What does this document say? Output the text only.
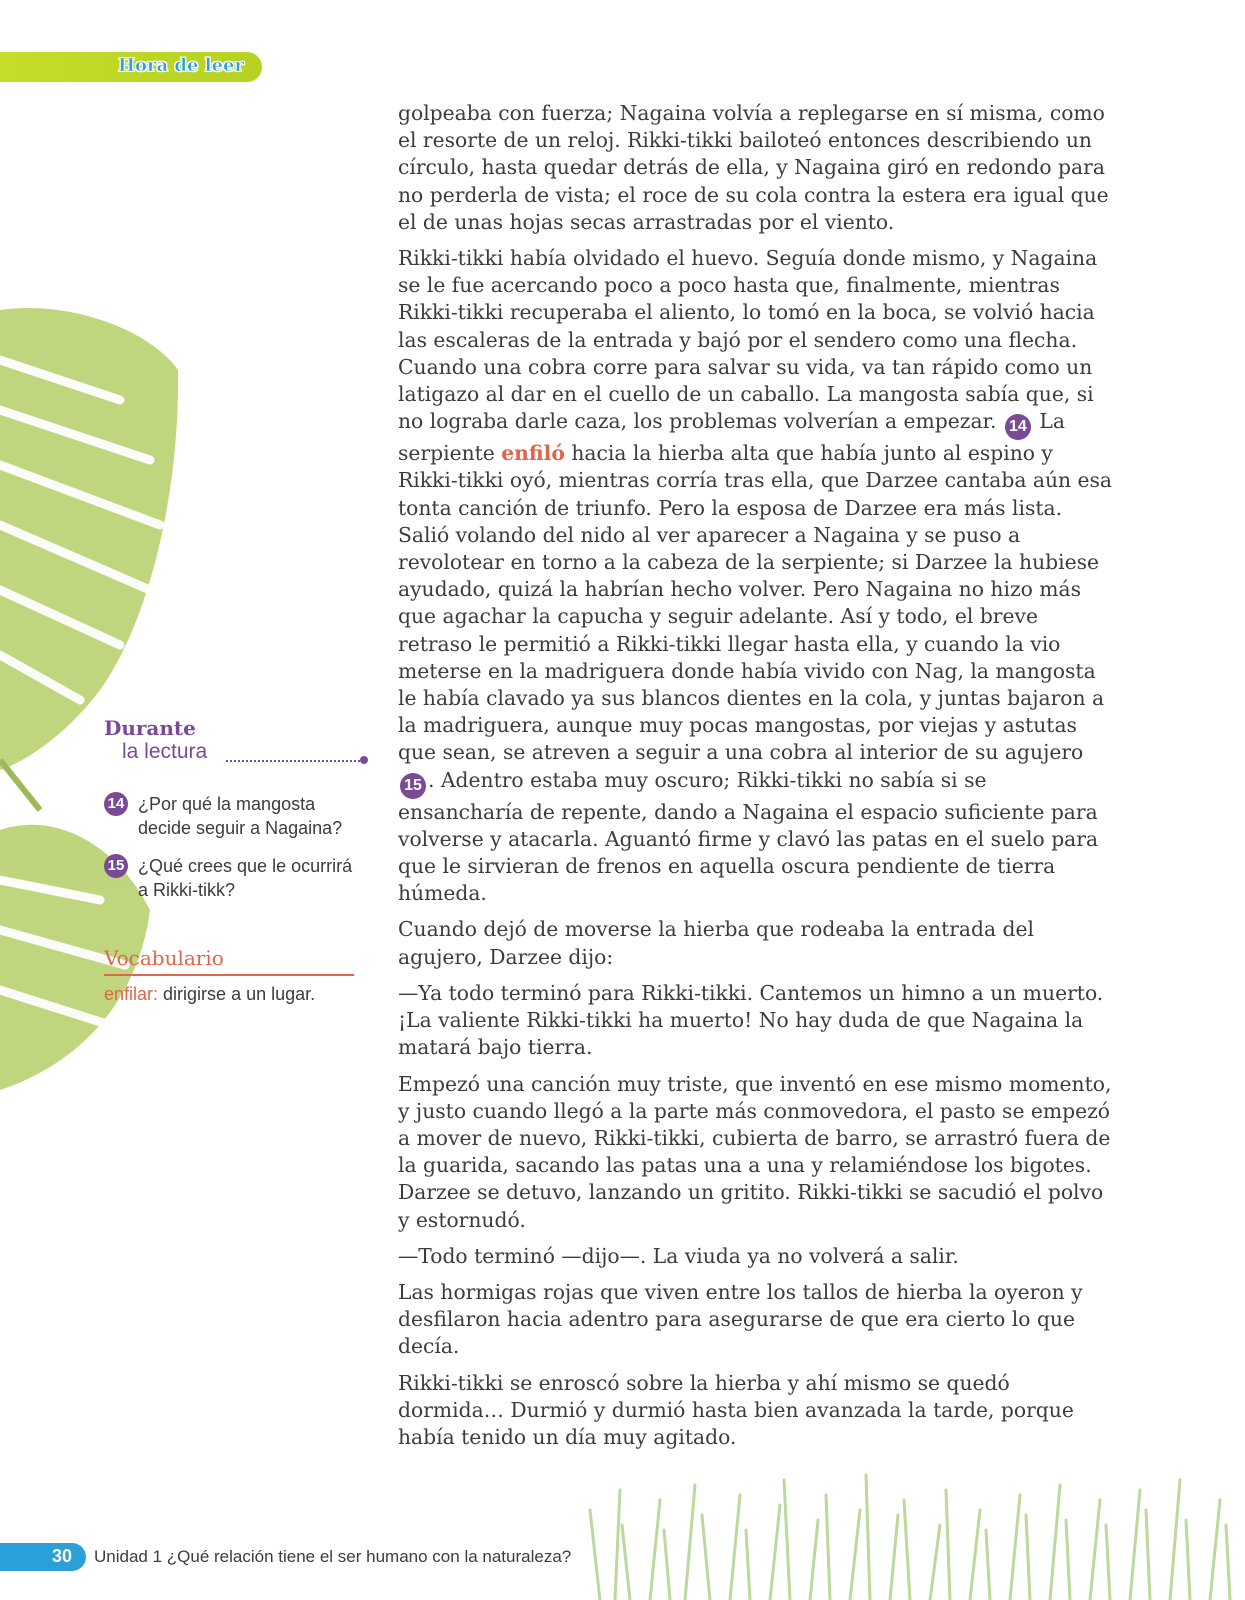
Hora de leer

golpeaba con fuerza; Nagaina volvía a replegarse en sí misma, como el resorte de un reloj. Rikki-tikki bailoteó entonces describiendo un círculo, hasta quedar detrás de ella, y Nagaina giró en redondo para no perderla de vista; el roce de su cola contra la estera era igual que el de unas hojas secas arrastradas por el viento.

Rikki-tikki había olvidado el huevo. Seguía donde mismo, y Nagaina se le fue acercando poco a poco hasta que, finalmente, mientras Rikki-tikki recuperaba el aliento, lo tomó en la boca, se volvió hacia las escaleras de la entrada y bajó por el sendero como una flecha. Cuando una cobra corre para salvar su vida, va tan rápido como un latigazo al dar en el cuello de un caballo. La mangosta sabía que, si no lograba darle caza, los problemas volverían a empezar. 14 La serpiente enfiló hacia la hierba alta que había junto al espino y Rikki-tikki oyó, mientras corría tras ella, que Darzee cantaba aún esa tonta canción de triunfo. Pero la esposa de Darzee era más lista. Salió volando del nido al ver aparecer a Nagaina y se puso a revolotear en torno a la cabeza de la serpiente; si Darzee la hubiese ayudado, quizá la habrían hecho volver. Pero Nagaina no hizo más que agachar la capucha y seguir adelante. Así y todo, el breve retraso le permitió a Rikki-tikki llegar hasta ella, y cuando la vio meterse en la madriguera donde había vivido con Nag, la mangosta le había clavado ya sus blancos dientes en la cola, y juntas bajaron a la madriguera, aunque muy pocas mangostas, por viejas y astutas que sean, se atreven a seguir a una cobra al interior de su agujero 15 . Adentro estaba muy oscuro; Rikki-tikki no sabía si se ensancharía de repente, dando a Nagaina el espacio suficiente para volverse y atacarla. Aguantó firme y clavó las patas en el suelo para que le sirvieran de frenos en aquella oscura pendiente de tierra húmeda.

Cuando dejó de moverse la hierba que rodeaba la entrada del agujero, Darzee dijo:

—Ya todo terminó para Rikki-tikki. Cantemos un himno a un muerto. ¡La valiente Rikki-tikki ha muerto! No hay duda de que Nagaina la matará bajo tierra.

Empezó una canción muy triste, que inventó en ese mismo momento, y justo cuando llegó a la parte más conmovedora, el pasto se empezó a mover de nuevo, Rikki-tikki, cubierta de barro, se arrastró fuera de la guarida, sacando las patas una a una y relamiéndose los bigotes. Darzee se detuvo, lanzando un gritito. Rikki-tikki se sacudió el polvo y estornudó.

—Todo terminó —dijo—. La viuda ya no volverá a salir.

Las hormigas rojas que viven entre los tallos de hierba la oyeron y desfilaron hacia adentro para asegurarse de que era cierto lo que decía.

Rikki-tikki se enroscó sobre la hierba y ahí mismo se quedó dormida… Durmió y durmió hasta bien avanzada la tarde, porque había tenido un día muy agitado.

Durante
la lectura
14 ¿Por qué la mangosta decide seguir a Nagaina?
15 ¿Qué crees que le ocurrirá a Rikki-tikk?
Vocabulario
enfilar: dirigirse a un lugar.
30 Unidad 1 ¿Qué relación tiene el ser humano con la naturaleza?
